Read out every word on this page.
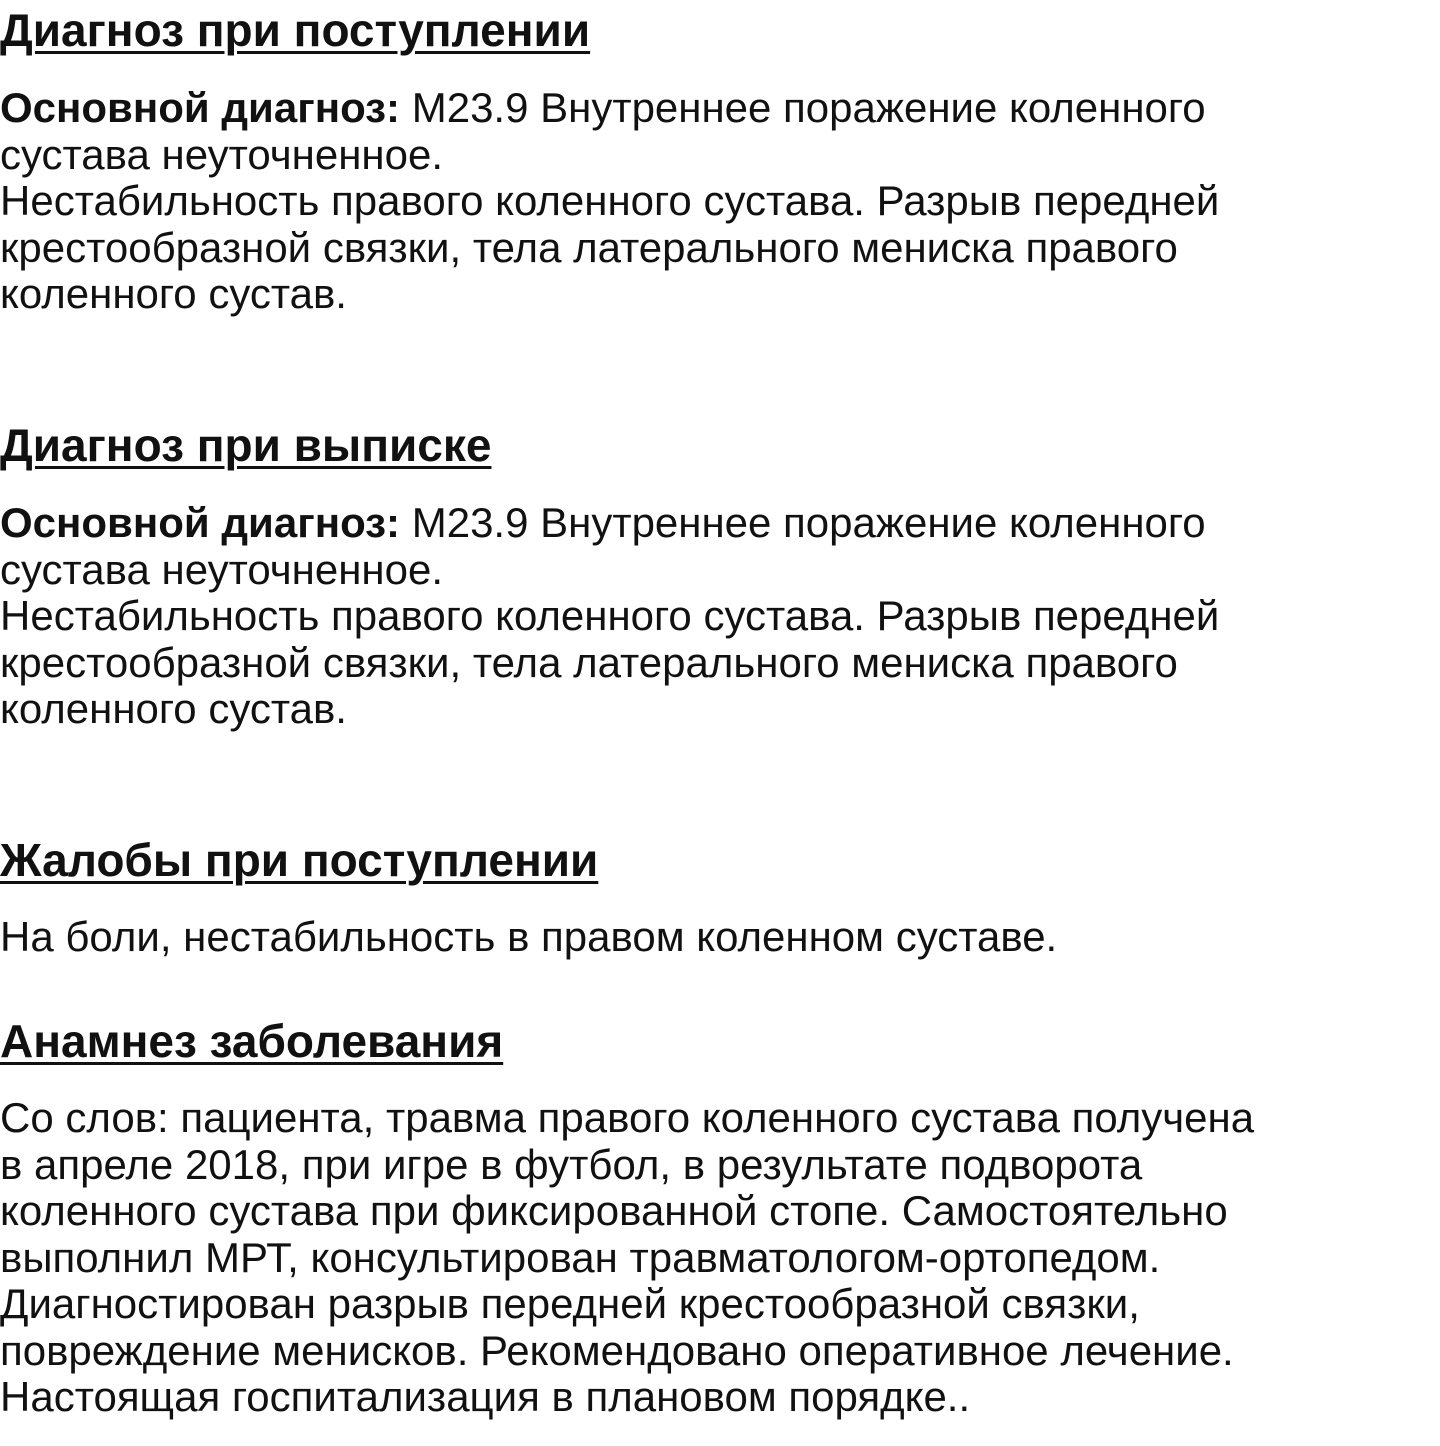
Диагноз при поступлении
Основной диагноз: М23.9 Внутреннее поражение коленного
сустава неуточненное.
Нестабильность правого коленного сустава. Разрыв передней
крестообразной связки, тела латерального мениска правого
коленного сустав.
Диагноз при выписке
Основной диагноз: М23.9 Внутреннее поражение коленного
сустава неуточненное.
Нестабильность правого коленного сустава. Разрыв передней
крестообразной связки, тела латерального мениска правого
коленного сустав.
Жалобы при поступлении
На боли, нестабильность в правом коленном суставе.
Анамнез заболевания
Со слов: пациента, травма правого коленного сустава получена
в апреле 2018, при игре в футбол, в результате подворота
коленного сустава при фиксированной стопе. Самостоятельно
выполнил МРТ, консультирован травматологом-ортопедом.
Диагностирован разрыв передней крестообразной связки,
повреждение менисков. Рекомендовано оперативное лечение.
Настоящая госпитализация в плановом порядке..
